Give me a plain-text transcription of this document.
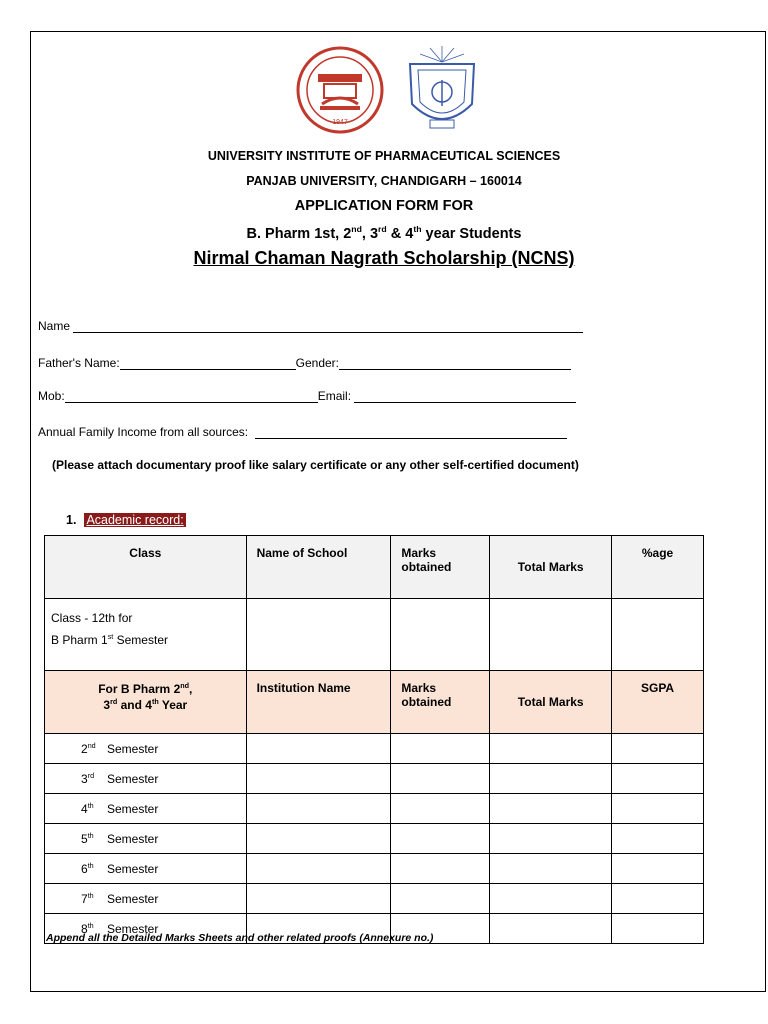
1947
UNIVERSITY INSTITUTE OF PHARMACEUTICAL SCIENCES
PANJAB UNIVERSITY, CHANDIGARH – 160014
APPLICATION FORM FOR
B. Pharm 1st, 2nd, 3rd & 4th year Students
Nirmal Chaman Nagrath Scholarship (NCNS)
Name
Father's Name:	Gender:
Mob:	Email:
Annual Family Income from all sources:
(Please attach documentary proof like salary certificate or any other self-certified document)
1. Academic record:
Class	Name of School	Marks obtained	Total Marks	%age

Class - 12th for
B Pharm 1st Semester				

For B Pharm 2nd,
3rd and 4th Year	Institution Name	Marks obtained	Total Marks	SGPA
2nd Semester				
3rd Semester				
4th Semester				
5th Semester				
6th Semester				
7th Semester				
8th Semester				
Append all the Detailed Marks Sheets and other related proofs (Annexure no.)
